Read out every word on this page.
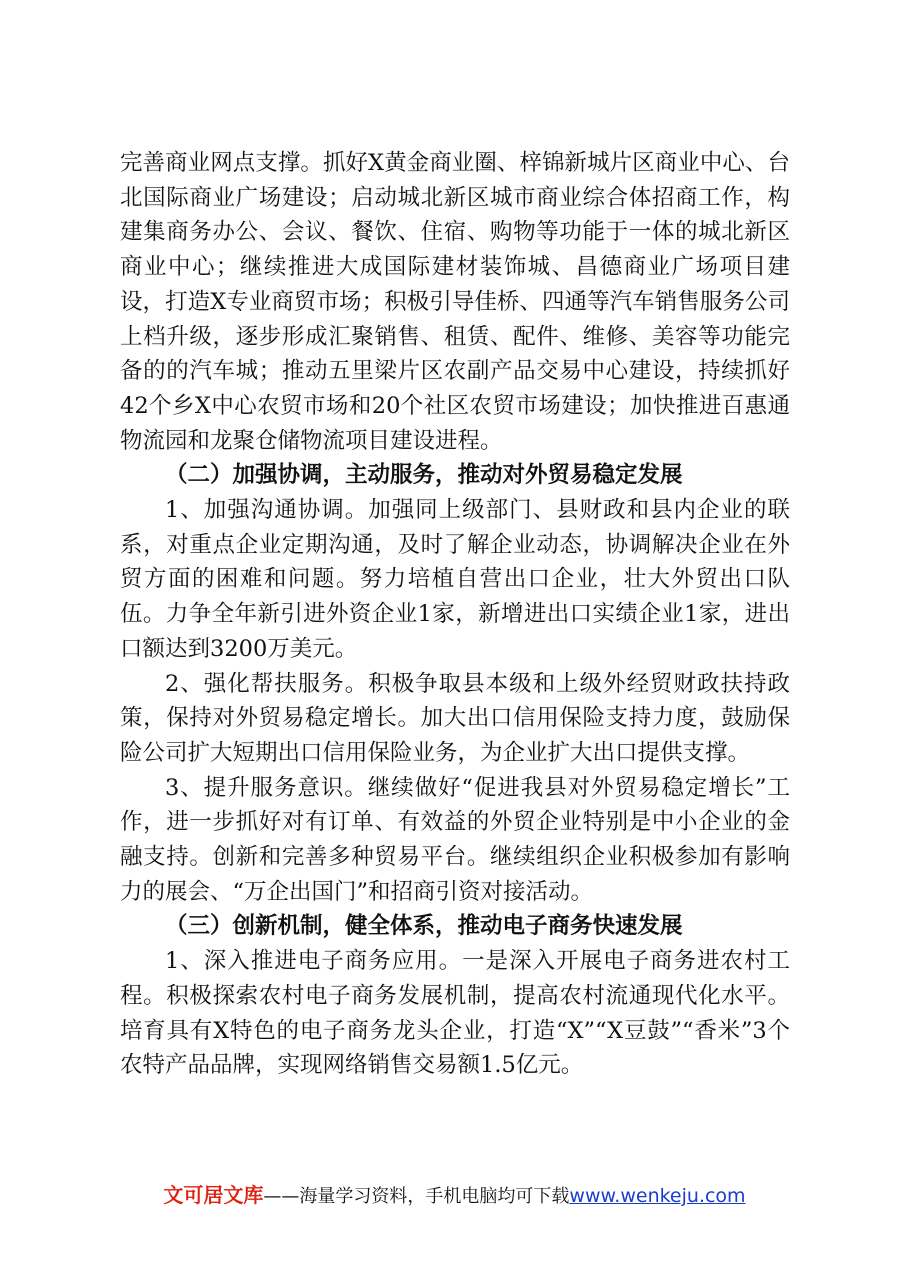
完善商业网点支撑。抓好X黄金商业圈、梓锦新城片区商业中心、台北国际商业广场建设；启动城北新区城市商业综合体招商工作，构建集商务办公、会议、餐饮、住宿、购物等功能于一体的城北新区商业中心；继续推进大成国际建材装饰城、昌德商业广场项目建设，打造X专业商贸市场；积极引导佳桥、四通等汽车销售服务公司上档升级，逐步形成汇聚销售、租赁、配件、维修、美容等功能完备的的汽车城；推动五里梁片区农副产品交易中心建设，持续抓好42个乡X中心农贸市场和20个社区农贸市场建设；加快推进百惠通物流园和龙聚仓储物流项目建设进程。

（二）加强协调，主动服务，推动对外贸易稳定发展

1、加强沟通协调。加强同上级部门、县财政和县内企业的联系，对重点企业定期沟通，及时了解企业动态，协调解决企业在外贸方面的困难和问题。努力培植自营出口企业，壮大外贸出口队伍。力争全年新引进外资企业1家，新增进出口实绩企业1家，进出口额达到3200万美元。

2、强化帮扶服务。积极争取县本级和上级外经贸财政扶持政策，保持对外贸易稳定增长。加大出口信用保险支持力度，鼓励保险公司扩大短期出口信用保险业务，为企业扩大出口提供支撑。

3、提升服务意识。继续做好“促进我县对外贸易稳定增长”工作，进一步抓好对有订单、有效益的外贸企业特别是中小企业的金融支持。创新和完善多种贸易平台。继续组织企业积极参加有影响力的展会、“万企出国门”和招商引资对接活动。

（三）创新机制，健全体系，推动电子商务快速发展

1、深入推进电子商务应用。一是深入开展电子商务进农村工程。积极探索农村电子商务发展机制，提高农村流通现代化水平。培育具有X特色的电子商务龙头企业，打造“X”“X豆鼓”“香米”3个农特产品品牌，实现网络销售交易额1.5亿元。

文可居文库——海量学习资料，手机电脑均可下载www.wenkeju.com
